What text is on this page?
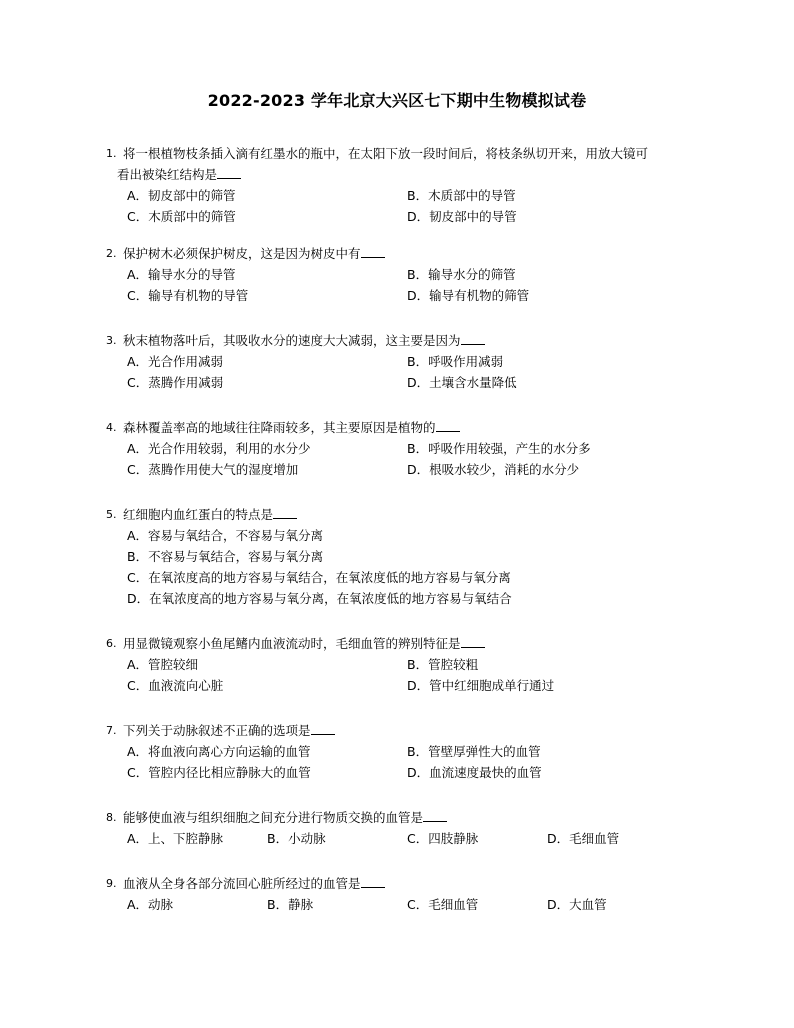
2022-2023 学年北京大兴区七下期中生物模拟试卷
1. 将一根植物枝条插入滴有红墨水的瓶中，在太阳下放一段时间后，将枝条纵切开来，用放大镜可
看出被染红结构是
A．韧皮部中的筛管	B．木质部中的导管
C．木质部中的筛管	D．韧皮部中的导管
2. 保护树木必须保护树皮，这是因为树皮中有
A．输导水分的导管	B．输导水分的筛管
C．输导有机物的导管	D．输导有机物的筛管
3. 秋末植物落叶后，其吸收水分的速度大大减弱，这主要是因为
A．光合作用减弱	B．呼吸作用减弱
C．蒸腾作用减弱	D．土壤含水量降低
4. 森林覆盖率高的地域往往降雨较多，其主要原因是植物的
A．光合作用较弱，利用的水分少	B．呼吸作用较强，产生的水分多
C．蒸腾作用使大气的湿度增加	D．根吸水较少，消耗的水分少
5. 红细胞内血红蛋白的特点是
A．容易与氧结合，不容易与氧分离
B．不容易与氧结合，容易与氧分离
C．在氧浓度高的地方容易与氧结合，在氧浓度低的地方容易与氧分离
D．在氧浓度高的地方容易与氧分离，在氧浓度低的地方容易与氧结合
6. 用显微镜观察小鱼尾鳍内血液流动时，毛细血管的辨别特征是
A．管腔较细	B．管腔较粗
C．血液流向心脏	D．管中红细胞成单行通过
7. 下列关于动脉叙述不正确的选项是
A．将血液向离心方向运输的血管	B．管壁厚弹性大的血管
C．管腔内径比相应静脉大的血管	D．血流速度最快的血管
8. 能够使血液与组织细胞之间充分进行物质交换的血管是
A．上、下腔静脉	B．小动脉	C．四肢静脉	D．毛细血管
9. 血液从全身各部分流回心脏所经过的血管是
A．动脉	B．静脉	C．毛细血管	D．大血管
